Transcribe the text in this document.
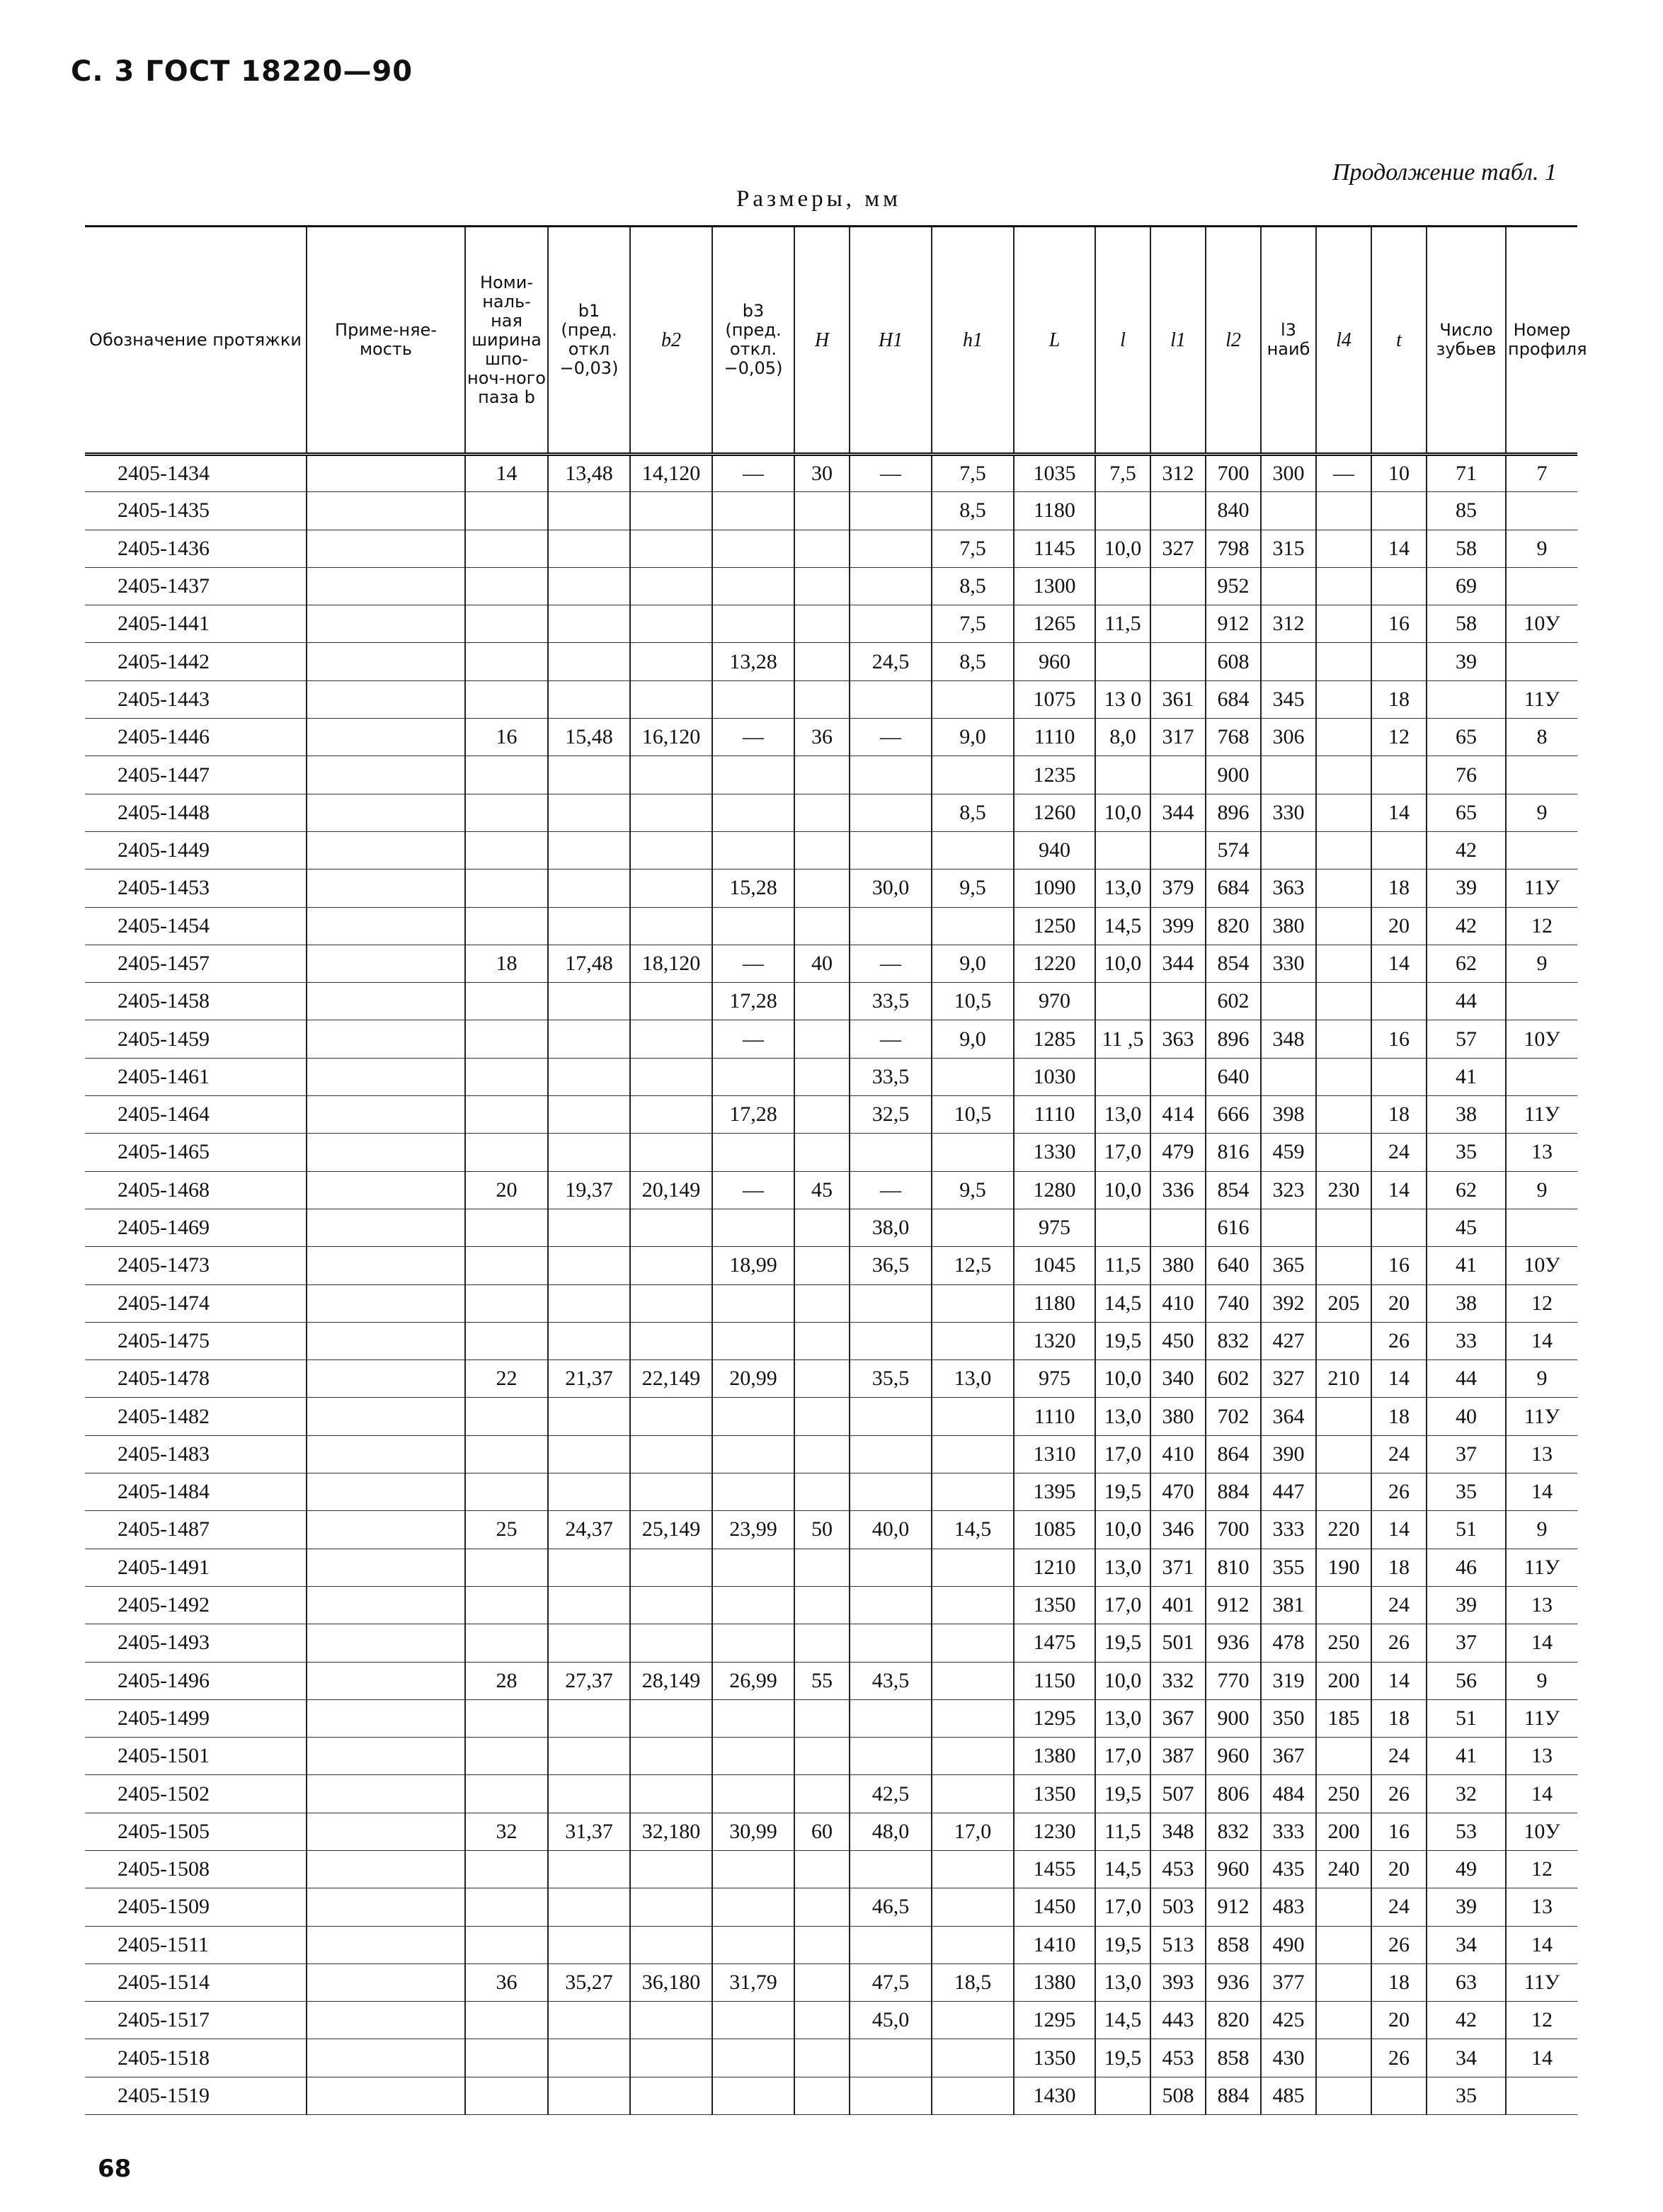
С. 3 ГОСТ 18220—90
Продолжение табл. 1
Размеры, мм
Обозначение протяжки	Приме-няе-мость	Номи-наль-ная ширина шпо-ноч-ного паза b	b1 (пред. откл −0,03)	b2	b3 (пред. откл. −0,05)	H	H1	h1	L	l	l1	l2	l3 наиб	l4	t	Число зубьев	Номер профиля
2405-1434		14	13,48	14,120	—	30	—	7,5	1035	7,5	312	700	300	—	10	71	7
2405-1435								8,5	1180			840				85	
2405-1436								7,5	1145	10,0	327	798	315		14	58	9
2405-1437								8,5	1300			952				69	
2405-1441								7,5	1265	11,5		912	312		16	58	10У
2405-1442					13,28		24,5	8,5	960			608				39	
2405-1443									1075	13 0	361	684	345		18		11У
2405-1446		16	15,48	16,120	—	36	—	9,0	1110	8,0	317	768	306		12	65	8
2405-1447									1235			900				76	
2405-1448								8,5	1260	10,0	344	896	330		14	65	9
2405-1449									940			574				42	
2405-1453					15,28		30,0	9,5	1090	13,0	379	684	363		18	39	11У
2405-1454									1250	14,5	399	820	380		20	42	12
2405-1457		18	17,48	18,120	—	40	—	9,0	1220	10,0	344	854	330		14	62	9
2405-1458					17,28		33,5	10,5	970			602				44	
2405-1459					—		—	9,0	1285	11 ,5	363	896	348		16	57	10У
2405-1461							33,5		1030			640				41	
2405-1464					17,28		32,5	10,5	1110	13,0	414	666	398		18	38	11У
2405-1465									1330	17,0	479	816	459		24	35	13
2405-1468		20	19,37	20,149	—	45	—	9,5	1280	10,0	336	854	323	230	14	62	9
2405-1469							38,0		975			616				45	
2405-1473					18,99		36,5	12,5	1045	11,5	380	640	365		16	41	10У
2405-1474									1180	14,5	410	740	392	205	20	38	12
2405-1475									1320	19,5	450	832	427		26	33	14
2405-1478		22	21,37	22,149	20,99		35,5	13,0	975	10,0	340	602	327	210	14	44	9
2405-1482									1110	13,0	380	702	364		18	40	11У
2405-1483									1310	17,0	410	864	390		24	37	13
2405-1484									1395	19,5	470	884	447		26	35	14
2405-1487		25	24,37	25,149	23,99	50	40,0	14,5	1085	10,0	346	700	333	220	14	51	9
2405-1491									1210	13,0	371	810	355	190	18	46	11У
2405-1492									1350	17,0	401	912	381		24	39	13
2405-1493									1475	19,5	501	936	478	250	26	37	14
2405-1496		28	27,37	28,149	26,99	55	43,5		1150	10,0	332	770	319	200	14	56	9
2405-1499									1295	13,0	367	900	350	185	18	51	11У
2405-1501									1380	17,0	387	960	367		24	41	13
2405-1502							42,5		1350	19,5	507	806	484	250	26	32	14
2405-1505		32	31,37	32,180	30,99	60	48,0	17,0	1230	11,5	348	832	333	200	16	53	10У
2405-1508									1455	14,5	453	960	435	240	20	49	12
2405-1509							46,5		1450	17,0	503	912	483		24	39	13
2405-1511									1410	19,5	513	858	490		26	34	14
2405-1514		36	35,27	36,180	31,79		47,5	18,5	1380	13,0	393	936	377		18	63	11У
2405-1517							45,0		1295	14,5	443	820	425		20	42	12
2405-1518									1350	19,5	453	858	430		26	34	14
2405-1519									1430		508	884	485			35	
68
